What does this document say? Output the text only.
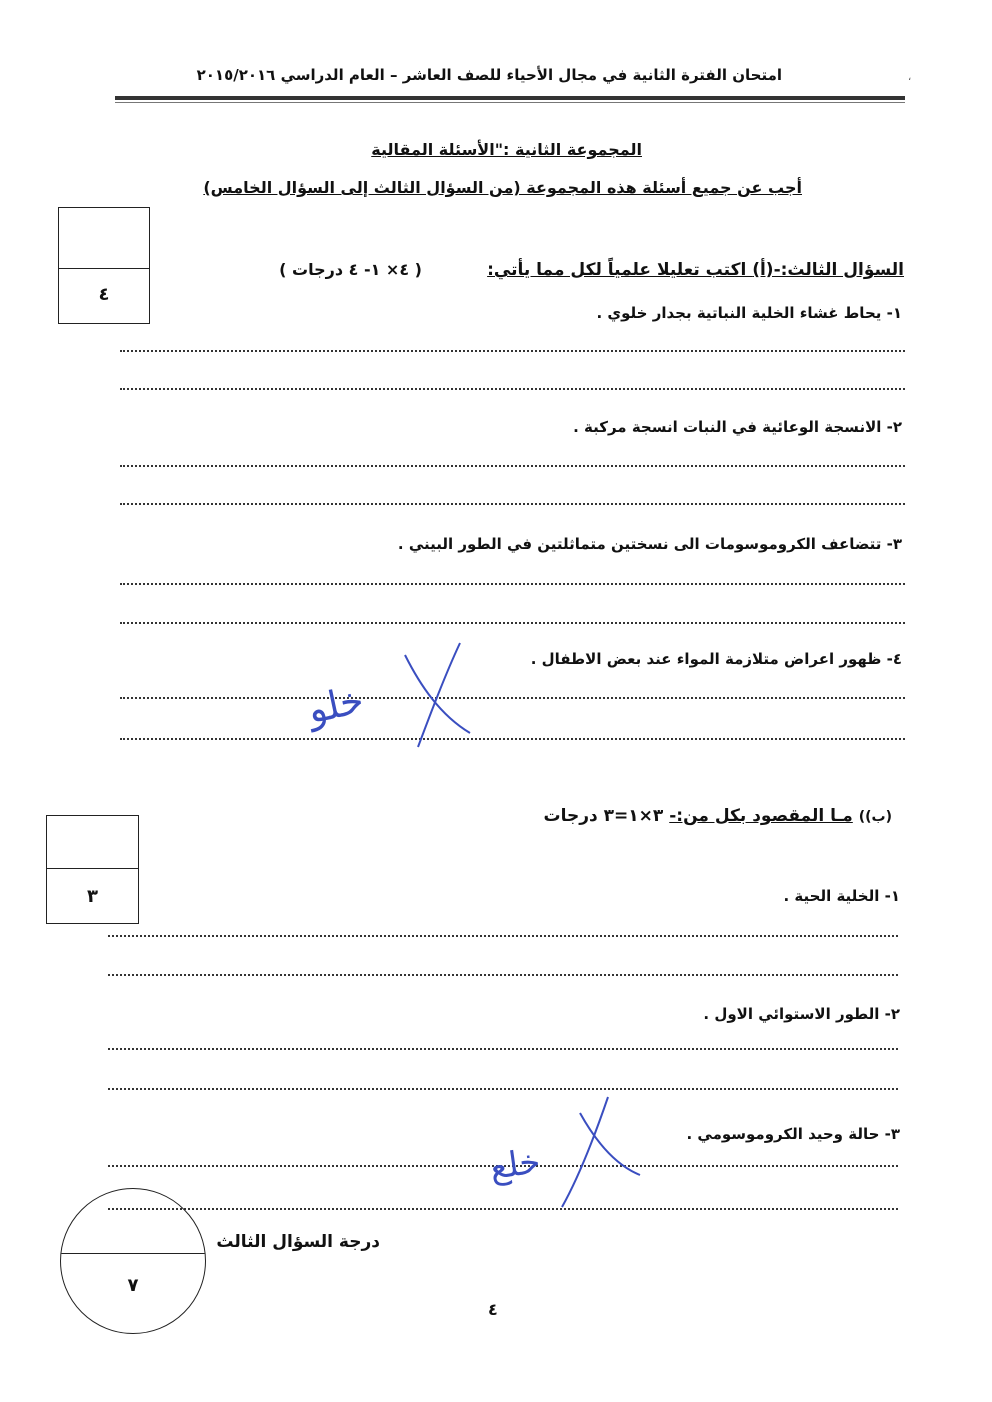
امتحان الفترة الثانية في مجال الأحياء للصف العاشر – العام الدراسي ٢٠١٥/٢٠١٦	،
المجموعة الثانية :"الأسئلة المقالية
أجب عن جميع أسئلة هذه المجموعة (من السؤال الثالث إلى السؤال الخامس)
٤
السؤال الثالث:-(أ) اكتب تعليلا علمياً لكل مما يأتي:
( ٤× ١- ٤ درجات )
١- يحاط غشاء الخلية النباتية بجدار خلوي .
٢- الانسجة الوعائية في النبات انسجة مركبة .
٣- تتضاعف الكروموسومات الى نسختين متماثلتين في الطور البيني .
٤- ظهور اعراض متلازمة المواء عند بعض الاطفال .
خلو
٣
(ب)) مـا المقصود بكل من:- ٣×١=٣ درجات
١- الخلية الحية .
٢- الطور الاستوائي الاول .
٣- حالة وحيد الكروموسومي .
خلع
٧
درجة السؤال الثالث
٤
